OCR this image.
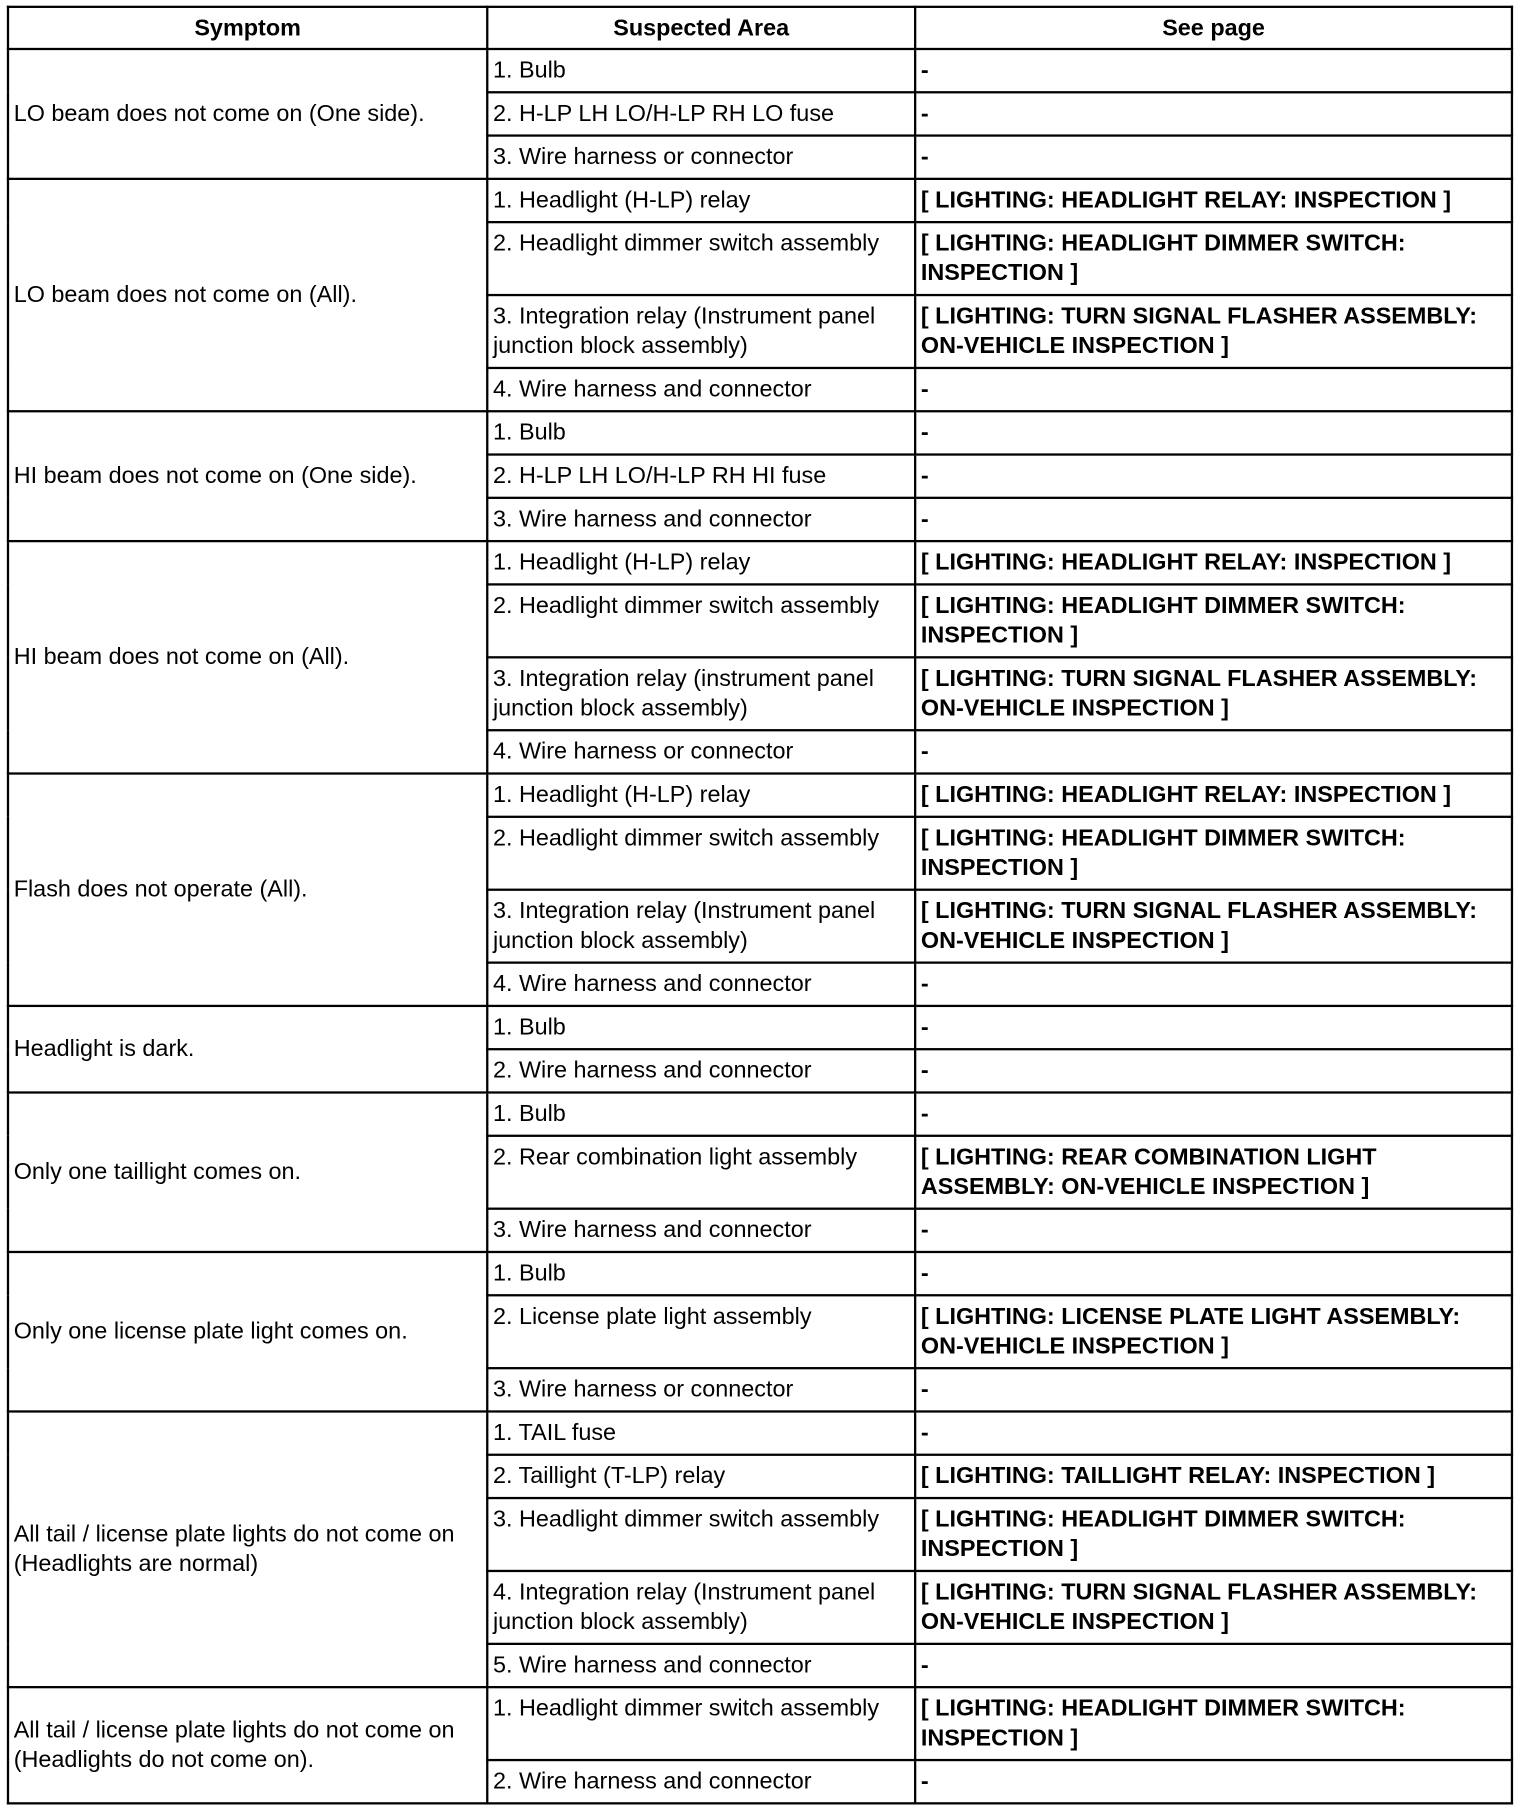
Symptom	Suspected Area	See page
LO beam does not come on (One side).	1. Bulb	-
	2. H-LP LH LO/H-LP RH LO fuse	-
	3. Wire harness or connector	-
LO beam does not come on (All).	1. Headlight (H-LP) relay	[ LIGHTING: HEADLIGHT RELAY: INSPECTION ]
	2. Headlight dimmer switch assembly	[ LIGHTING: HEADLIGHT DIMMER SWITCH: INSPECTION ]
	3. Integration relay (Instrument panel junction block assembly)	[ LIGHTING: TURN SIGNAL FLASHER ASSEMBLY: ON-VEHICLE INSPECTION ]
	4. Wire harness and connector	-
HI beam does not come on (One side).	1. Bulb	-
	2. H-LP LH LO/H-LP RH HI fuse	-
	3. Wire harness and connector	-
HI beam does not come on (All).	1. Headlight (H-LP) relay	[ LIGHTING: HEADLIGHT RELAY: INSPECTION ]
	2. Headlight dimmer switch assembly	[ LIGHTING: HEADLIGHT DIMMER SWITCH: INSPECTION ]
	3. Integration relay (instrument panel junction block assembly)	[ LIGHTING: TURN SIGNAL FLASHER ASSEMBLY: ON-VEHICLE INSPECTION ]
	4. Wire harness or connector	-
Flash does not operate (All).	1. Headlight (H-LP) relay	[ LIGHTING: HEADLIGHT RELAY: INSPECTION ]
	2. Headlight dimmer switch assembly	[ LIGHTING: HEADLIGHT DIMMER SWITCH: INSPECTION ]
	3. Integration relay (Instrument panel junction block assembly)	[ LIGHTING: TURN SIGNAL FLASHER ASSEMBLY: ON-VEHICLE INSPECTION ]
	4. Wire harness and connector	-
Headlight is dark.	1. Bulb	-
	2. Wire harness and connector	-
Only one taillight comes on.	1. Bulb	-
	2. Rear combination light assembly	[ LIGHTING: REAR COMBINATION LIGHT ASSEMBLY: ON-VEHICLE INSPECTION ]
	3. Wire harness and connector	-
Only one license plate light comes on.	1. Bulb	-
	2. License plate light assembly	[ LIGHTING: LICENSE PLATE LIGHT ASSEMBLY: ON-VEHICLE INSPECTION ]
	3. Wire harness or connector	-
All tail / license plate lights do not come on (Headlights are normal)	1. TAIL fuse	-
	2. Taillight (T-LP) relay	[ LIGHTING: TAILLIGHT RELAY: INSPECTION ]
	3. Headlight dimmer switch assembly	[ LIGHTING: HEADLIGHT DIMMER SWITCH: INSPECTION ]
	4. Integration relay (Instrument panel junction block assembly)	[ LIGHTING: TURN SIGNAL FLASHER ASSEMBLY: ON-VEHICLE INSPECTION ]
	5. Wire harness and connector	-
All tail / license plate lights do not come on (Headlights do not come on).	1. Headlight dimmer switch assembly	[ LIGHTING: HEADLIGHT DIMMER SWITCH: INSPECTION ]
	2. Wire harness and connector	-
